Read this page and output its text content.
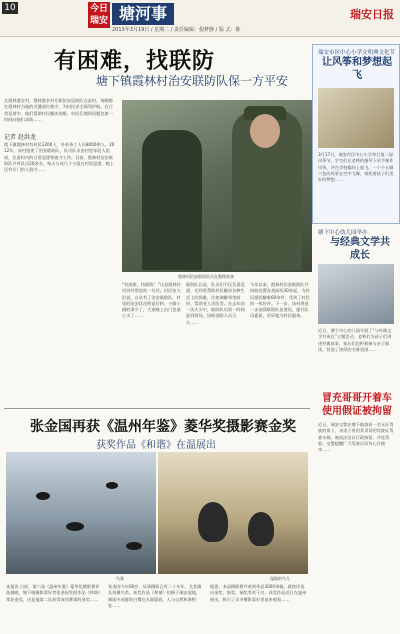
10	今日瑞安 塘河事	瑞安日报
2013年3月19日 / 星期二 / 责任编辑：倪梦静 / 版 式：陈
有困难，找联防
塘下镇霞林村治安联防队保一方平安
在霞林港农村，霞林港农村专职治安巡防队在此时，每晚都在霞林村当地的关键部位值守，为村民安全保驾护航。在日常巡逻中，他们帮助村民解决困难，村民们遇到问题也第一时间向他们求助……
记者 赵洪龙
霞林村治安联防队员在整理装备
霞下镇霞林村有村民1200人，外来务工人员8000余人。2012年，该村组建了治安联防队，队员队员由村里年轻人组成，负责村内的日常巡逻和值守工作。目前，霞林村治安联防队共有队员20余名，每天分成几个小组在村里巡逻，晚上还有专门的人值守……
“有困难，找联防！”这是霞林村村民经常说的一句话。村民张大伯说，自从有了治安联防队，村里的治安状况明显好转，小偷小摸的事少了，大家晚上出门也放心多了……
联防队长说，队员们不仅负责巡逻，还经常帮助村民解决各种生活上的困难，比如调解邻里纠纷、帮助老人送医等。在去年的一次火灾中，联防队员第一时间赶到现场，协助消防人员灭火……
今年以来，霞林村治安联防队共协助处置各类纠纷30余起，为村民排忧解难60余件，受到了村民的一致好评。下一步，该村将进一步加强联防队伍建设，提升队员素质，更好地为村民服务。
瑞安市区中心小学文明典文化节
让风筝和梦想起飞
3月17日，瑞安市区中心小学举行第二届风筝节，学生们在老师的指导下亲手制作风筝，并在学校操场上放飞，一个个五颜六色的风筝在空中飞舞，寄托着孩子们美好的梦想……
塘下中心幼儿园举办
与经典文学共成长
近日，塘下中心幼儿园开展了“与经典文学共成长”主题活动，老师们为孩子们讲述经典故事，家长们也积极参与亲子阅读，营造了浓厚的书香氛围……
冒充哥哥开着车使用假证被拘留
近日，瑞安交警在塘下镇查获一名无证驾驶的男子，该男子冒用其哥哥的驾驶证驾驶车辆，被依法处以行政拘留，并处罚款。交警提醒广大驾驶员切勿心存侥幸……
张金国再获《温州年鉴》菱华奖摄影赛金奖
获奖作品《和谐》在温展出
鸟巢	湿地的鸟儿
本报讯 日前，第六届《温州年鉴》菱华奖摄影赛评选揭晓，塘下镇摄影爱好者张金国凭借作品《和谐》荣获金奖，这是他第二次获得该项赛事的金奖……
张金国今年60岁，从事摄影已有二十多年，尤其擅长拍摄鸟类。获奖作品《和谐》拍摄于瑞安湿地，画面中成群的白鹭在水面嬉戏，人与自然和谐相处……
据悉，本届摄影赛共收到作品3000余幅，最终评选出金奖、银奖、铜奖等若干名。获奖作品近日在温州展出，吸引了众多摄影爱好者前来观看……
